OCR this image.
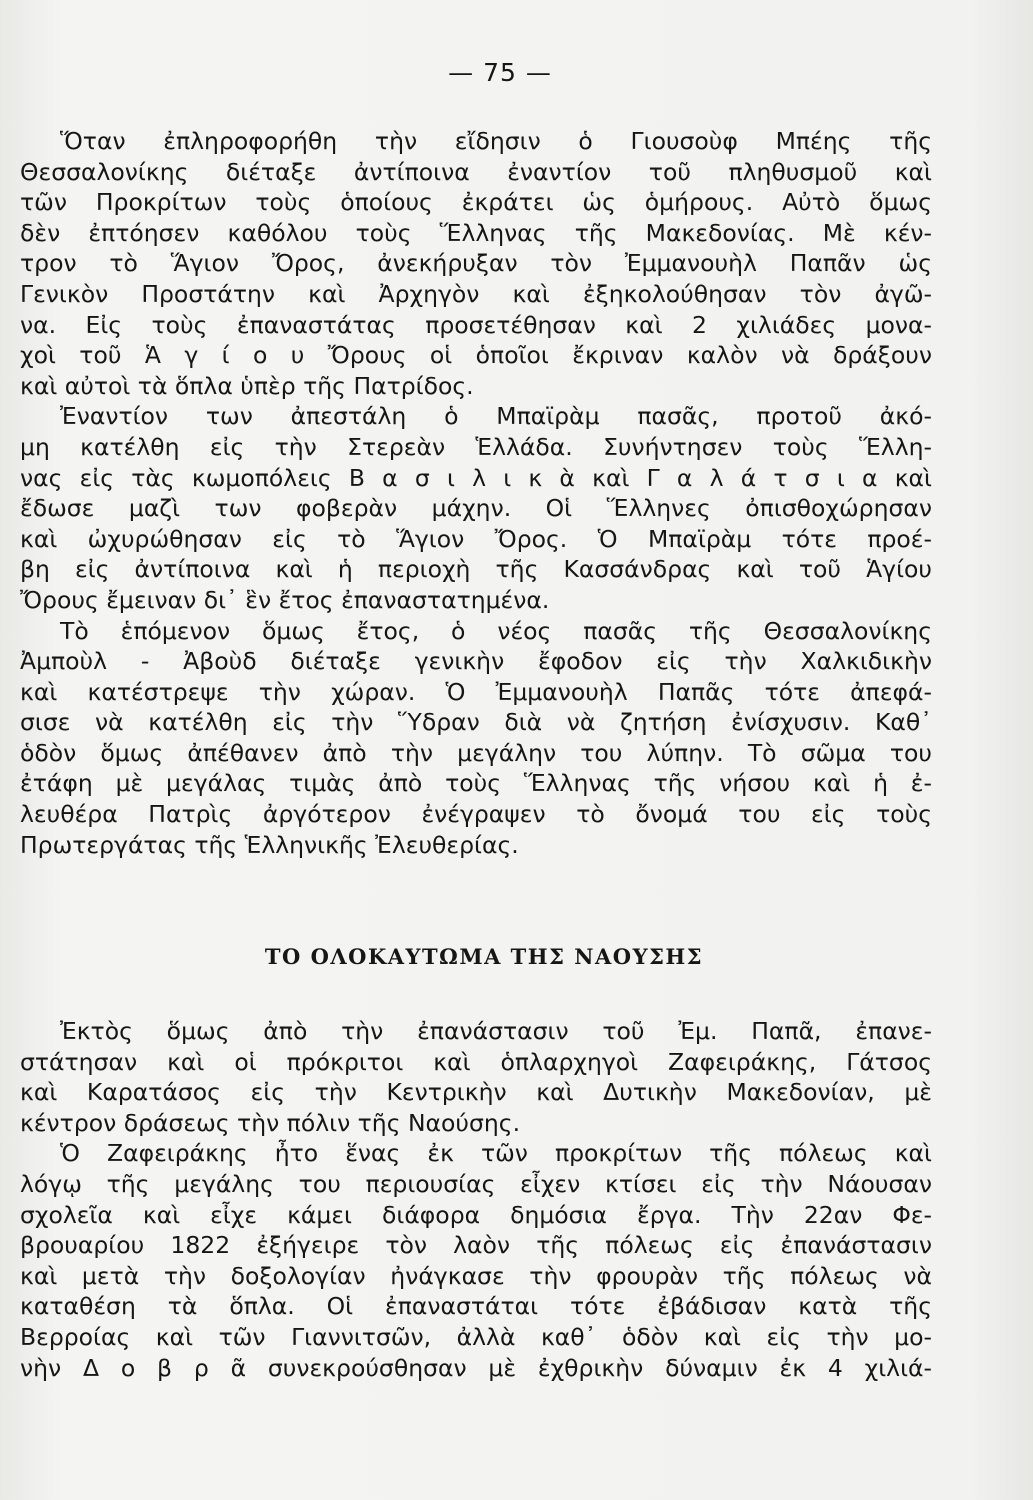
— 75 —
Ὅταν ἐπληροφορήθη τὴν εἴδησιν ὁ Γιουσοὺφ Μπέης τῆς
Θεσσαλονίκης διέταξε ἀντίποινα ἐναντίον τοῦ πληθυσμοῦ καὶ
τῶν Προκρίτων τοὺς ὁποίους ἐκράτει ὡς ὁμήρους. Αὐτὸ ὅμως
δὲν ἐπτόησεν καθόλου τοὺς Ἕλληνας τῆς Μακεδονίας. Μὲ κέν-
τρον τὸ Ἅγιον Ὄρος, ἀνεκήρυξαν τὸν Ἐμμανουὴλ Παπᾶν ὡς
Γενικὸν Προστάτην καὶ Ἀρχηγὸν καὶ ἐξηκολούθησαν τὸν ἀγῶ-
να. Εἰς τοὺς ἐπαναστάτας προσετέθησαν καὶ 2 χιλιάδες μονα-
χοὶ τοῦ Ἁ γ ί ο υ Ὄρους οἱ ὁποῖοι ἔκριναν καλὸν νὰ δράξουν
καὶ αὐτοὶ τὰ ὅπλα ὑπὲρ τῆς Πατρίδος.
Ἐναντίον των ἀπεστάλη ὁ Μπαϊρὰμ πασᾶς, προτοῦ ἀκό-
μη κατέλθη εἰς τὴν Στερεὰν Ἑλλάδα. Συνήντησεν τοὺς Ἕλλη-
νας εἰς τὰς κωμοπόλεις Β α σ ι λ ι κ ὰ καὶ Γ α λ ά τ σ ι α καὶ
ἔδωσε μαζὶ των φοβερὰν μάχην. Οἱ Ἕλληνες ὀπισθοχώρησαν
καὶ ὠχυρώθησαν εἰς τὸ Ἅγιον Ὄρος. Ὁ Μπαϊρὰμ τότε προέ-
βη εἰς ἀντίποινα καὶ ἡ περιοχὴ τῆς Κασσάνδρας καὶ τοῦ Ἁγίου
Ὄρους ἔμειναν δι᾽ ἓν ἔτος ἐπαναστατημένα.
Τὸ ἑπόμενον ὅμως ἔτος, ὁ νέος πασᾶς τῆς Θεσσαλονίκης
Ἀμποὺλ - Ἀβοὺδ διέταξε γενικὴν ἔφοδον εἰς τὴν Χαλκιδικὴν
καὶ κατέστρεψε τὴν χώραν. Ὁ Ἐμμανουὴλ Παπᾶς τότε ἀπεφά-
σισε νὰ κατέλθη εἰς τὴν Ὕδραν διὰ νὰ ζητήση ἐνίσχυσιν. Καθ᾽
ὁδὸν ὅμως ἀπέθανεν ἀπὸ τὴν μεγάλην του λύπην. Τὸ σῶμα του
ἐτάφη μὲ μεγάλας τιμὰς ἀπὸ τοὺς Ἕλληνας τῆς νήσου καὶ ἡ ἐ-
λευθέρα Πατρὶς ἀργότερον ἐνέγραψεν τὸ ὄνομά του εἰς τοὺς
Πρωτεργάτας τῆς Ἑλληνικῆς Ἐλευθερίας.
ΤΟ ΟΛΟΚΑΥΤΩΜΑ ΤΗΣ ΝΑΟΥΣΗΣ
Ἐκτὸς ὅμως ἀπὸ τὴν ἐπανάστασιν τοῦ Ἐμ. Παπᾶ, ἐπανε-
στάτησαν καὶ οἱ πρόκριτοι καὶ ὁπλαρχηγοὶ Ζαφειράκης, Γάτσος
καὶ Καρατάσος εἰς τὴν Κεντρικὴν καὶ Δυτικὴν Μακεδονίαν, μὲ
κέντρον δράσεως τὴν πόλιν τῆς Ναούσης.
Ὁ Ζαφειράκης ἦτο ἕνας ἐκ τῶν προκρίτων τῆς πόλεως καὶ
λόγῳ τῆς μεγάλης του περιουσίας εἶχεν κτίσει εἰς τὴν Νάουσαν
σχολεῖα καὶ εἶχε κάμει διάφορα δημόσια ἔργα. Τὴν 22αν Φε-
βρουαρίου 1822 ἐξήγειρε τὸν λαὸν τῆς πόλεως εἰς ἐπανάστασιν
καὶ μετὰ τὴν δοξολογίαν ἠνάγκασε τὴν φρουρὰν τῆς πόλεως νὰ
καταθέση τὰ ὅπλα. Οἱ ἐπαναστάται τότε ἐβάδισαν κατὰ τῆς
Βερροίας καὶ τῶν Γιαννιτσῶν, ἀλλὰ καθ᾽ ὁδὸν καὶ εἰς τὴν μο-
νὴν Δ ο β ρ ᾶ συνεκρούσθησαν μὲ ἐχθρικὴν δύναμιν ἐκ 4 χιλιά-
